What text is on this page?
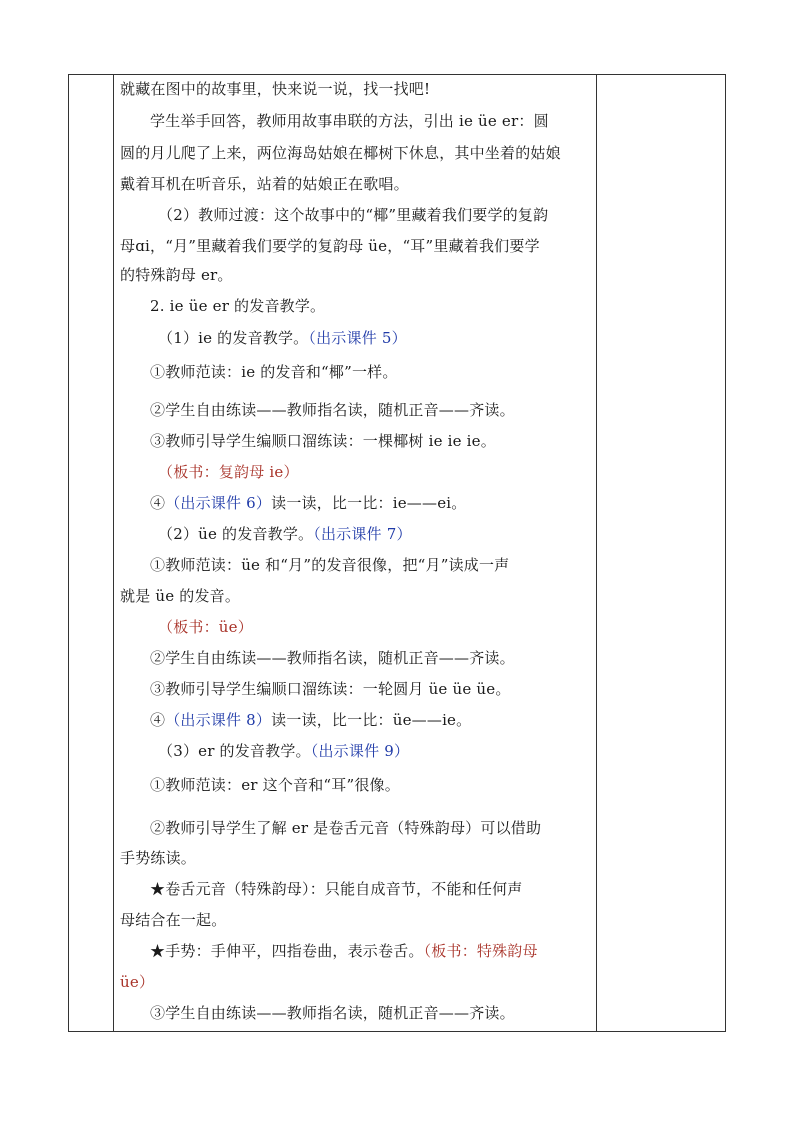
就藏在图中的故事里，快来说一说，找一找吧!
学生举手回答，教师用故事串联的方法，引出 ie üe er：圆
圆的月儿爬了上来，两位海岛姑娘在椰树下休息，其中坐着的姑娘
戴着耳机在听音乐，站着的姑娘正在歌唱。
（2）教师过渡：这个故事中的“椰”里藏着我们要学的复韵
母ɑi，“月”里藏着我们要学的复韵母 üe，“耳”里藏着我们要学
的特殊韵母 er。
2. ie üe er 的发音教学。
（1）ie 的发音教学。（出示课件 5）
①教师范读：ie 的发音和“椰”一样。
②学生自由练读——教师指名读，随机正音——齐读。
③教师引导学生编顺口溜练读：一棵椰树 ie ie ie。
（板书：复韵母 ie）
④（出示课件 6）读一读，比一比：ie——ei。
（2）üe 的发音教学。（出示课件 7）
①教师范读：üe 和“月”的发音很像，把“月”读成一声
就是 üe 的发音。
（板书：üe）
②学生自由练读——教师指名读，随机正音——齐读。
③教师引导学生编顺口溜练读：一轮圆月 üe üe üe。
④（出示课件 8）读一读，比一比：üe——ie。
（3）er 的发音教学。（出示课件 9）
①教师范读：er 这个音和“耳”很像。
②教师引导学生了解 er 是卷舌元音（特殊韵母）可以借助
手势练读。
★卷舌元音（特殊韵母）：只能自成音节，不能和任何声
母结合在一起。
★手势：手伸平，四指卷曲，表示卷舌。（板书：特殊韵母
üe）
③学生自由练读——教师指名读，随机正音——齐读。
